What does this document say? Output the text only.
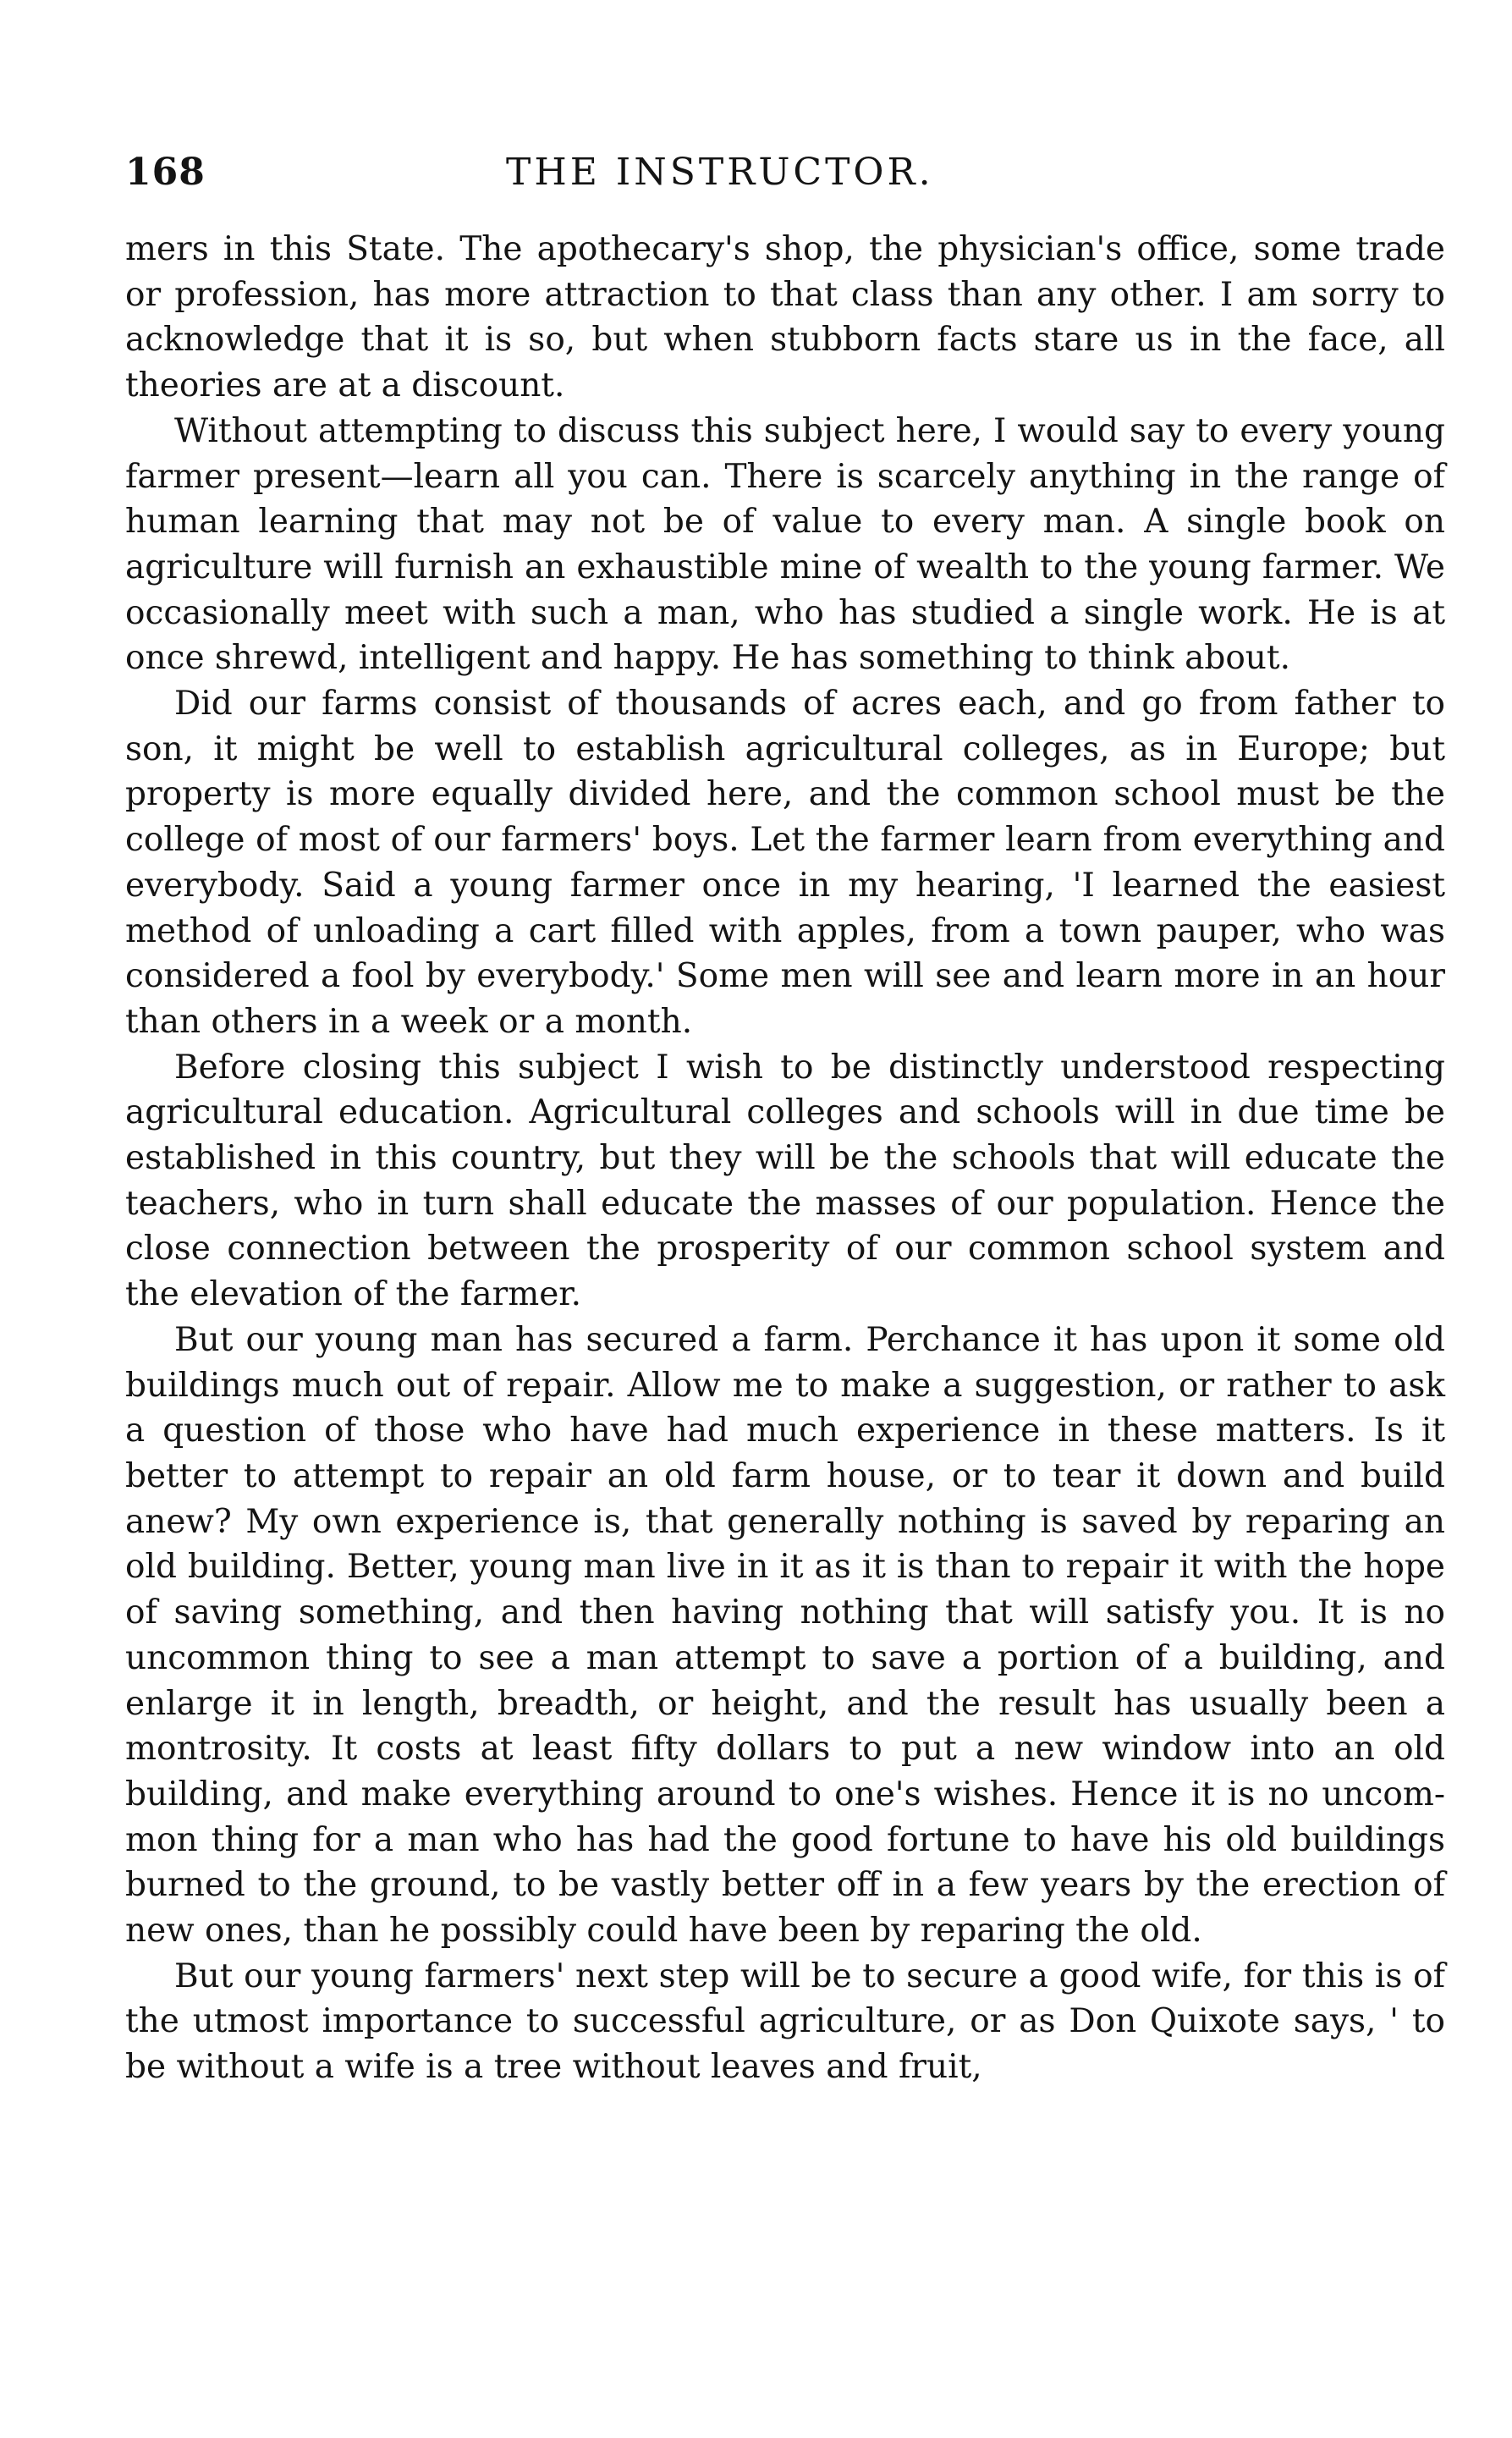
168	THE INSTRUCTOR.

mers in this State. The apothecary's shop, the physician's office, some trade or profession, has more attraction to that class than any other. I am sorry to acknowledge that it is so, but when stubborn facts stare us in the face, all theories are at a discount.

Without attempting to discuss this subject here, I would say to every young farmer present—learn all you can. There is scarcely anything in the range of human learning that may not be of value to every man. A single book on agriculture will furnish an exhaustible mine of wealth to the young farmer. We occasionally meet with such a man, who has studied a single work. He is at once shrewd, intelligent and happy. He has something to think about.

Did our farms consist of thousands of acres each, and go from father to son, it might be well to establish agricultural colleges, as in Europe; but property is more equally divided here, and the common school must be the college of most of our farmers' boys. Let the farmer learn from everything and everybody. Said a young farmer once in my hearing, 'I learned the easiest method of unloading a cart filled with apples, from a town pauper, who was considered a fool by everybody.' Some men will see and learn more in an hour than others in a week or a month.

Before closing this subject I wish to be distinctly understood respecting agricultural education. Agricultural colleges and schools will in due time be established in this country, but they will be the schools that will educate the teachers, who in turn shall educate the masses of our population. Hence the close connection between the prosperity of our common school system and the elevation of the farmer.

But our young man has secured a farm. Perchance it has upon it some old buildings much out of repair. Allow me to make a suggestion, or rather to ask a question of those who have had much experience in these matters. Is it better to attempt to repair an old farm house, or to tear it down and build anew? My own experience is, that generally nothing is saved by reparing an old building. Better, young man live in it as it is than to repair it with the hope of saving something, and then having nothing that will satisfy you. It is no uncommon thing to see a man attempt to save a portion of a building, and enlarge it in length, breadth, or height, and the result has usually been a montrosity. It costs at least fifty dollars to put a new window into an old building, and make everything around to one's wishes. Hence it is no uncommon thing for a man who has had the good fortune to have his old buildings burned to the ground, to be vastly better off in a few years by the erection of new ones, than he possibly could have been by reparing the old.

But our young farmers' next step will be to secure a good wife, for this is of the utmost importance to successful agriculture, or as Don Quixote says, ' to be without a wife is a tree without leaves and fruit,
